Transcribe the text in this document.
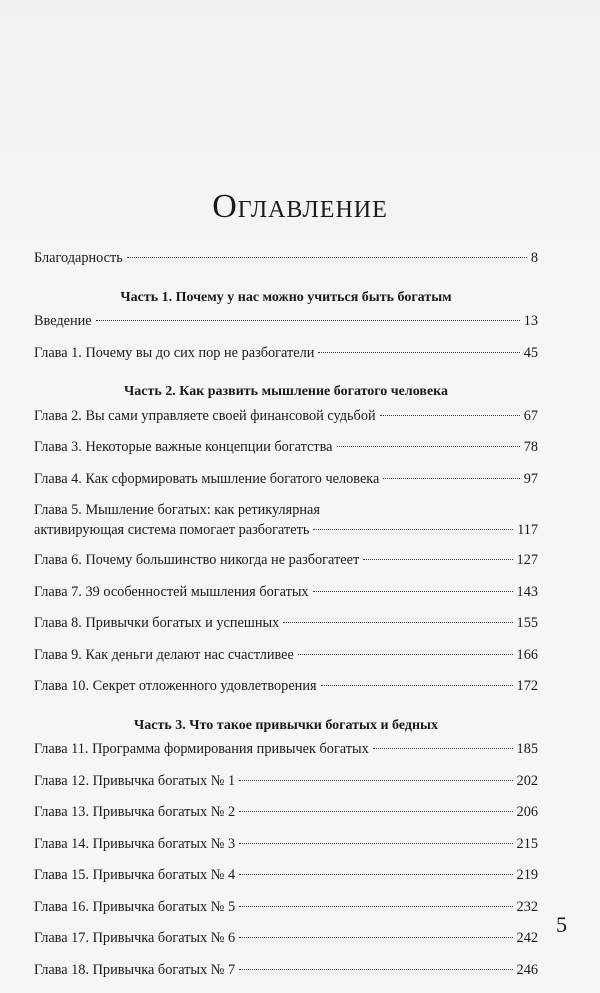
Оглавление
Благодарность	8
Часть 1. Почему у нас можно учиться быть богатым
Введение	13
Глава 1. Почему вы до сих пор не разбогатели	45
Часть 2. Как развить мышление богатого человека
Глава 2. Вы сами управляете своей финансовой судьбой	67
Глава 3. Некоторые важные концепции богатства	78
Глава 4. Как сформировать мышление богатого человека	97
Глава 5. Мышление богатых: как ретикулярная
активирующая система помогает разбогатеть	117
Глава 6. Почему большинство никогда не разбогатеет	127
Глава 7. 39 особенностей мышления богатых	143
Глава 8. Привычки богатых и успешных	155
Глава 9. Как деньги делают нас счастливее	166
Глава 10. Секрет отложенного удовлетворения	172
Часть 3. Что такое привычки богатых и бедных
Глава 11. Программа формирования привычек богатых	185
Глава 12. Привычка богатых № 1	202
Глава 13. Привычка богатых № 2	206
Глава 14. Привычка богатых № 3	215
Глава 15. Привычка богатых № 4	219
Глава 16. Привычка богатых № 5	232
Глава 17. Привычка богатых № 6	242
Глава 18. Привычка богатых № 7	246
5
